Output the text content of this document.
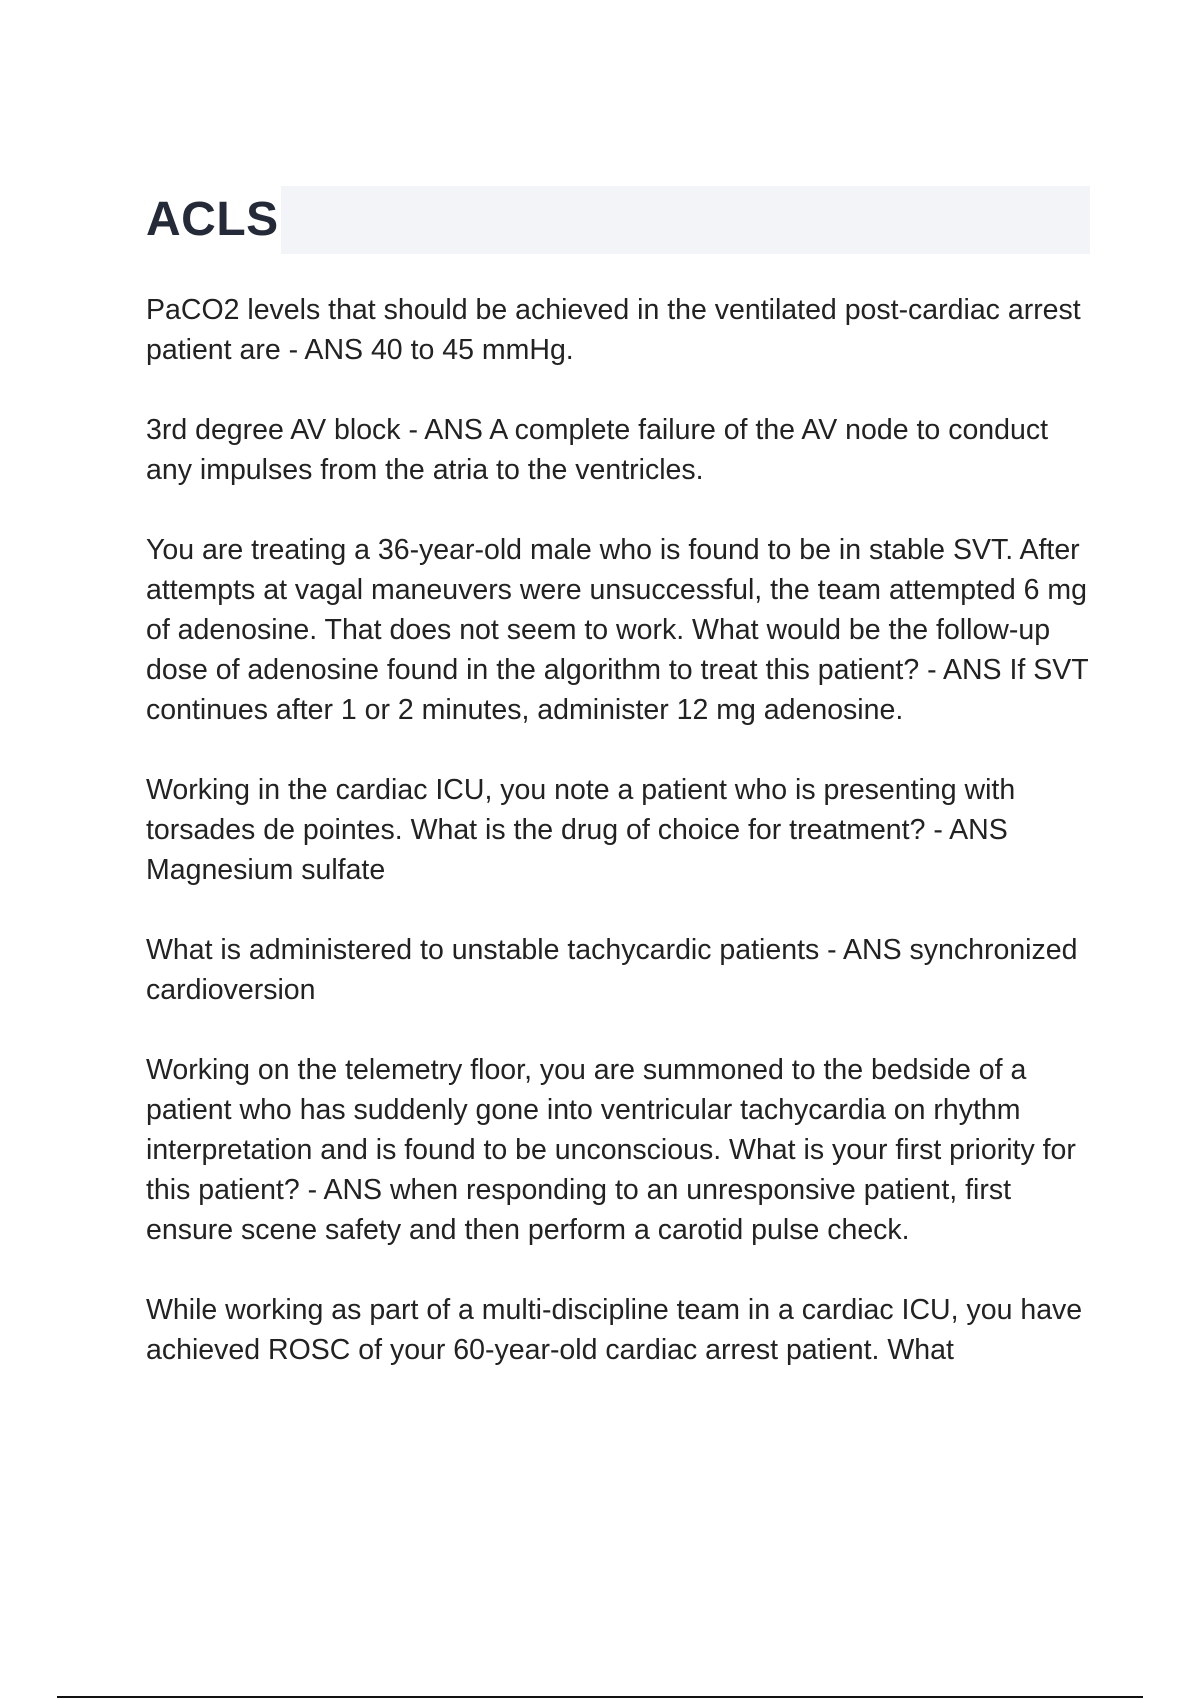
ACLS

PaCO2 levels that should be achieved in the ventilated post-cardiac arrest patient are - ANS 40 to 45 mmHg.

3rd degree AV block - ANS A complete failure of the AV node to conduct any impulses from the atria to the ventricles.

You are treating a 36-year-old male who is found to be in stable SVT. After attempts at vagal maneuvers were unsuccessful, the team attempted 6 mg of adenosine. That does not seem to work. What would be the follow-up dose of adenosine found in the algorithm to treat this patient? - ANS If SVT continues after 1 or 2 minutes, administer 12 mg adenosine.

Working in the cardiac ICU, you note a patient who is presenting with torsades de pointes. What is the drug of choice for treatment? - ANS Magnesium sulfate

What is administered to unstable tachycardic patients - ANS synchronized cardioversion

Working on the telemetry floor, you are summoned to the bedside of a patient who has suddenly gone into ventricular tachycardia on rhythm interpretation and is found to be unconscious. What is your first priority for this patient? - ANS when responding to an unresponsive patient, first ensure scene safety and then perform a carotid pulse check.

While working as part of a multi-discipline team in a cardiac ICU, you have achieved ROSC of your 60-year-old cardiac arrest patient. What
